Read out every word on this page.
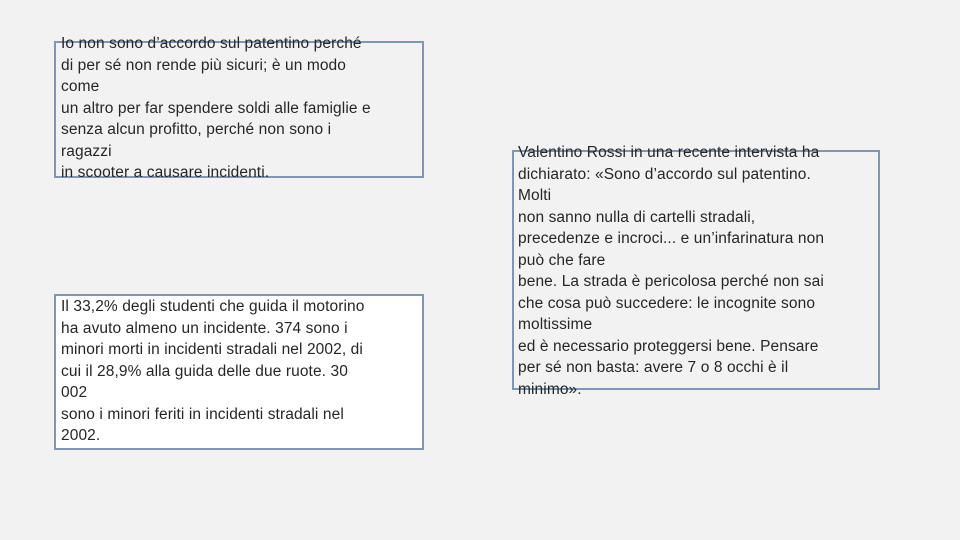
Io non sono d’accordo sul patentino perché
di per sé non rende più sicuri; è un modo
come
un altro per far spendere soldi alle famiglie e
senza alcun profitto, perché non sono i
ragazzi
in scooter a causare incidenti.
Il 33,2% degli studenti che guida il motorino
ha avuto almeno un incidente. 374 sono i
minori morti in incidenti stradali nel 2002, di
cui il 28,9% alla guida delle due ruote. 30
002
sono i minori feriti in incidenti stradali nel
2002.
Valentino Rossi in una recente intervista ha
dichiarato: «Sono d’accordo sul patentino.
Molti
non sanno nulla di cartelli stradali,
precedenze e incroci... e un’infarinatura non
può che fare
bene. La strada è pericolosa perché non sai
che cosa può succedere: le incognite sono
moltissime
ed è necessario proteggersi bene. Pensare
per sé non basta: avere 7 o 8 occhi è il
minimo».
